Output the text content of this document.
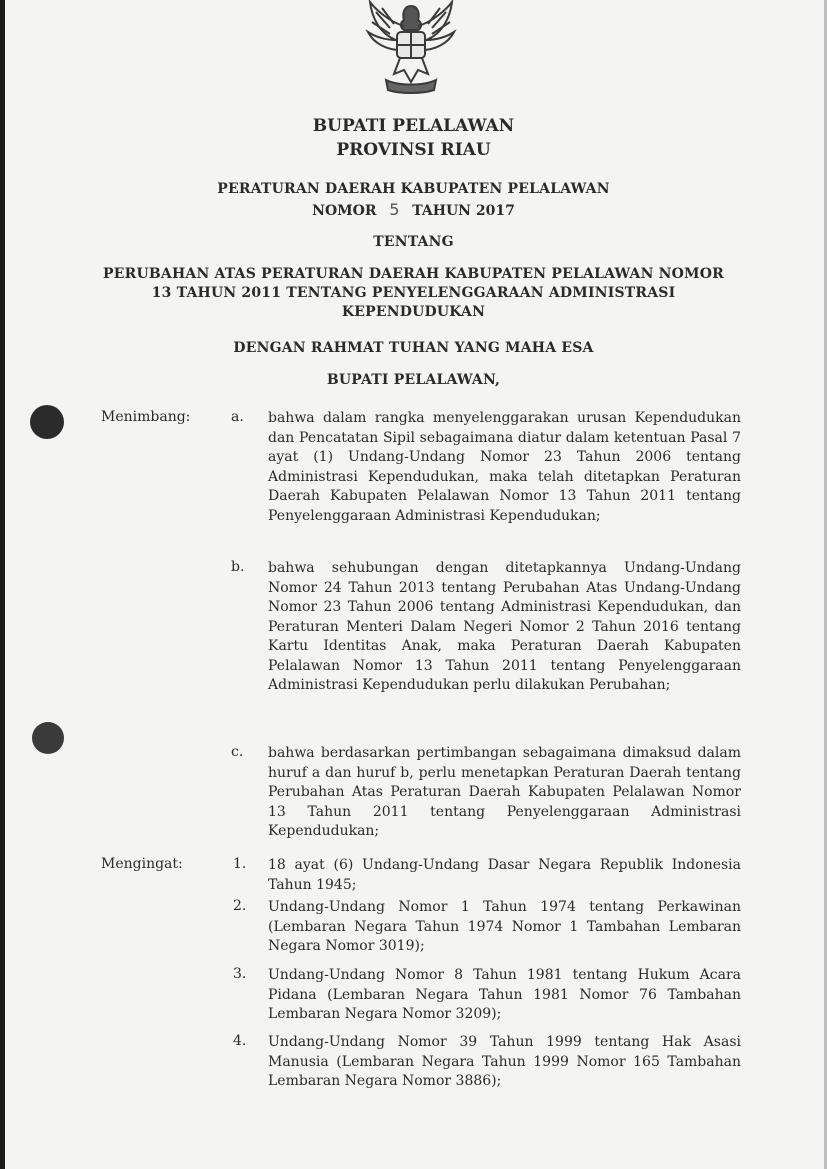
BUPATI PELALAWAN
PROVINSI RIAU
PERATURAN DAERAH KABUPATEN PELALAWAN
NOMOR 5 TAHUN 2017
TENTANG
PERUBAHAN ATAS PERATURAN DAERAH KABUPATEN PELALAWAN NOMOR
13 TAHUN 2011 TENTANG PENYELENGGARAAN ADMINISTRASI
KEPENDUDUKAN
DENGAN RAHMAT TUHAN YANG MAHA ESA
BUPATI PELALAWAN,
Menimbang:	a. bahwa dalam rangka menyelenggarakan urusan Kependudukan dan Pencatatan Sipil sebagaimana diatur dalam ketentuan Pasal 7 ayat (1) Undang-Undang Nomor 23 Tahun 2006 tentang Administrasi Kependudukan, maka telah ditetapkan Peraturan Daerah Kabupaten Pelalawan Nomor 13 Tahun 2011 tentang Penyelenggaraan Administrasi Kependudukan;
b. bahwa sehubungan dengan ditetapkannya Undang-Undang Nomor 24 Tahun 2013 tentang Perubahan Atas Undang-Undang Nomor 23 Tahun 2006 tentang Administrasi Kependudukan, dan Peraturan Menteri Dalam Negeri Nomor 2 Tahun 2016 tentang Kartu Identitas Anak, maka Peraturan Daerah Kabupaten Pelalawan Nomor 13 Tahun 2011 tentang Penyelenggaraan Administrasi Kependudukan perlu dilakukan Perubahan;
c. bahwa berdasarkan pertimbangan sebagaimana dimaksud dalam huruf a dan huruf b, perlu menetapkan Peraturan Daerah tentang Perubahan Atas Peraturan Daerah Kabupaten Pelalawan Nomor 13 Tahun 2011 tentang Penyelenggaraan Administrasi Kependudukan;
Mengingat:	1. 18 ayat (6) Undang-Undang Dasar Negara Republik Indonesia Tahun 1945;
2. Undang-Undang Nomor 1 Tahun 1974 tentang Perkawinan (Lembaran Negara Tahun 1974 Nomor 1 Tambahan Lembaran Negara Nomor 3019);
3. Undang-Undang Nomor 8 Tahun 1981 tentang Hukum Acara Pidana (Lembaran Negara Tahun 1981 Nomor 76 Tambahan Lembaran Negara Nomor 3209);
4. Undang-Undang Nomor 39 Tahun 1999 tentang Hak Asasi Manusia (Lembaran Negara Tahun 1999 Nomor 165 Tambahan Lembaran Negara Nomor 3886);
